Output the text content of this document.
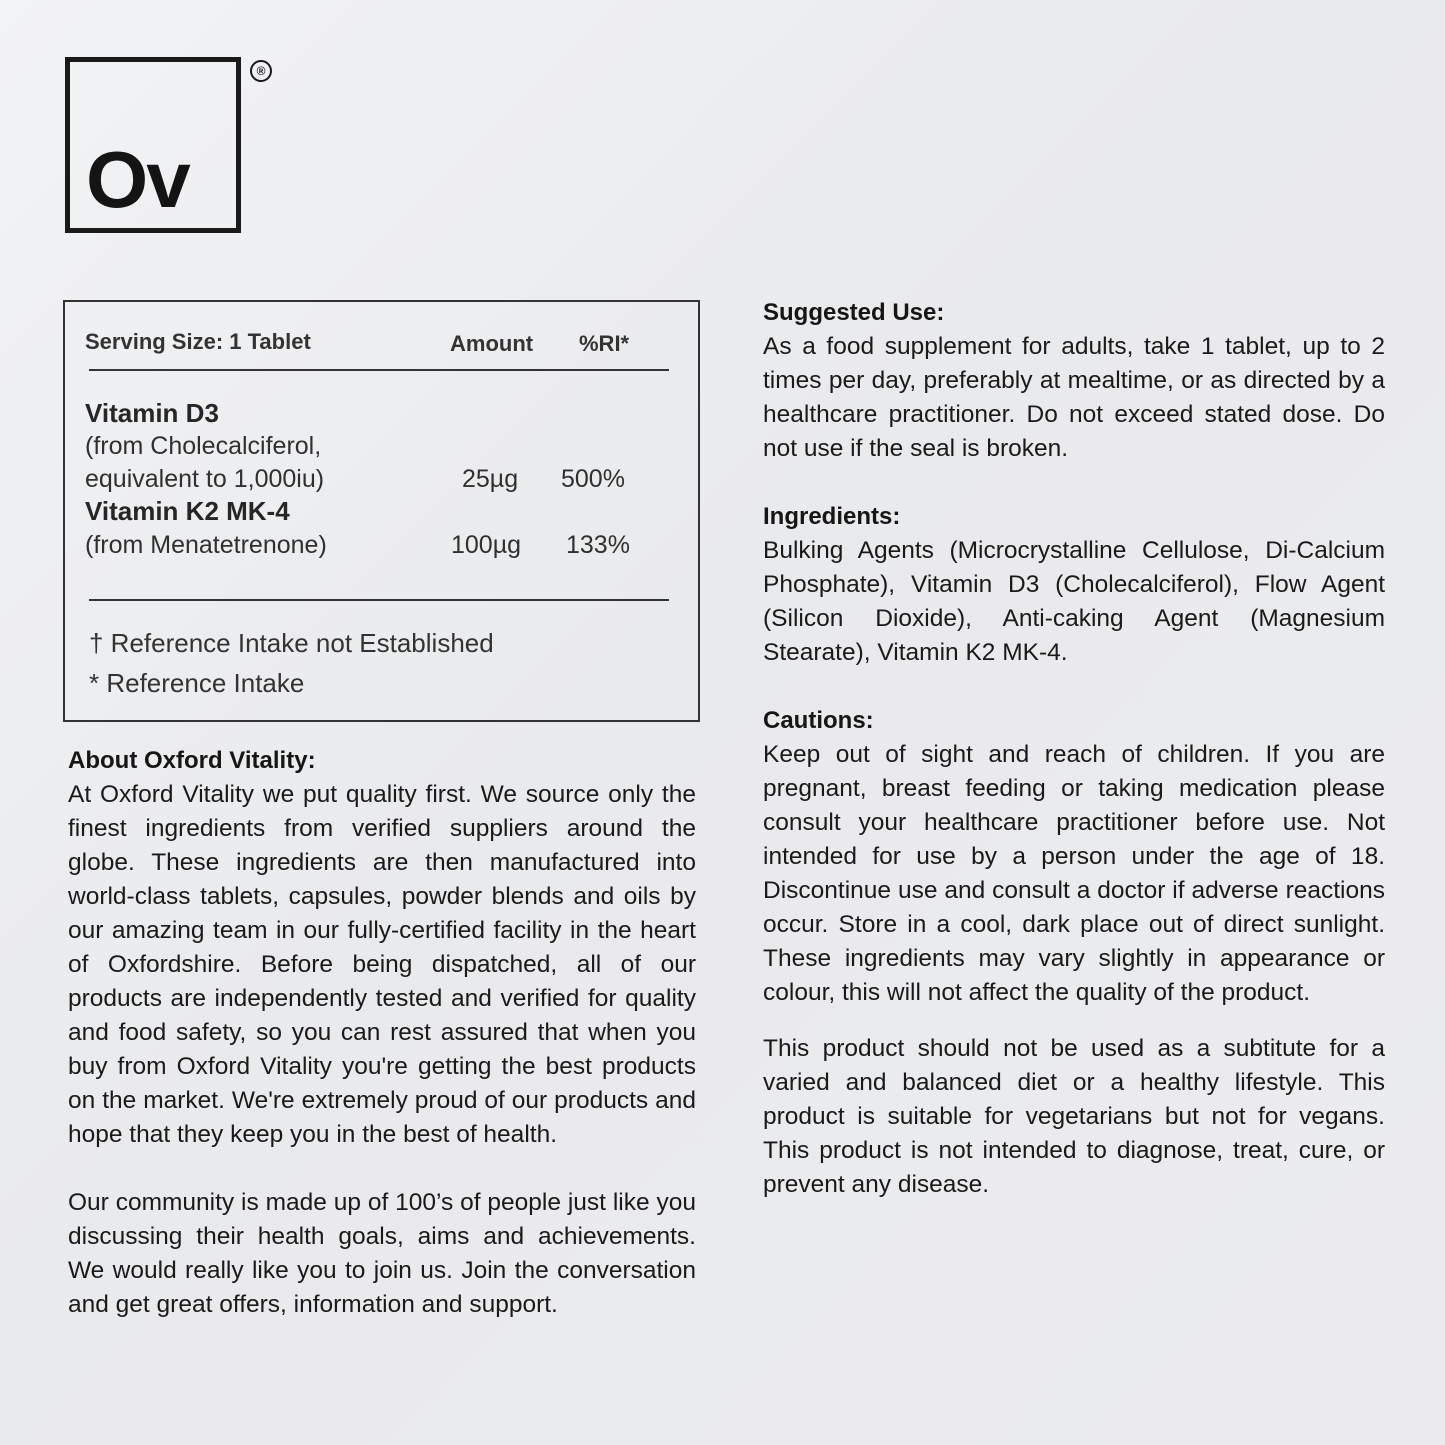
Ov
®
Serving Size: 1 Tablet	Amount %RI*
Vitamin D3
(from Cholecalciferol,
equivalent to 1,000iu)	25µg 500%
Vitamin K2 MK-4
(from Menatetrenone)	100µg 133%
† Reference Intake not Established
* Reference Intake
About Oxford Vitality:

At Oxford Vitality we put quality first. We source only the finest ingredients from verified suppliers around the globe. These ingredients are then manufactured into world-class tablets, capsules, powder blends and oils by our amazing team in our fully-certified facility in the heart of Oxfordshire. Before being dispatched, all of our products are independently tested and verified for quality and food safety, so you can rest assured that when you buy from Oxford Vitality you're getting the best products on the market. We're extremely proud of our products and hope that they keep you in the best of health.

Our community is made up of 100’s of people just like you discussing their health goals, aims and achievements. We would really like you to join us. Join the conversation and get great offers, information and support.

Suggested Use:

As a food supplement for adults, take 1 tablet, up to 2 times per day, preferably at mealtime, or as directed by a healthcare practitioner. Do not exceed stated dose. Do not use if the seal is broken.

Ingredients:

Bulking Agents (Microcrystalline Cellulose, Di-Calcium Phosphate), Vitamin D3 (Cholecalciferol), Flow Agent (Silicon Dioxide), Anti-caking Agent (Magnesium Stearate), Vitamin K2 MK-4.

Cautions:

Keep out of sight and reach of children. If you are pregnant, breast feeding or taking medication please consult your healthcare practitioner before use. Not intended for use by a person under the age of 18. Discontinue use and consult a doctor if adverse reactions occur. Store in a cool, dark place out of direct sunlight. These ingredients may vary slightly in appearance or colour, this will not affect the quality of the product.

This product should not be used as a subtitute for a varied and balanced diet or a healthy lifestyle. This product is suitable for vegetarians but not for vegans. This product is not intended to diagnose, treat, cure, or prevent any disease.
